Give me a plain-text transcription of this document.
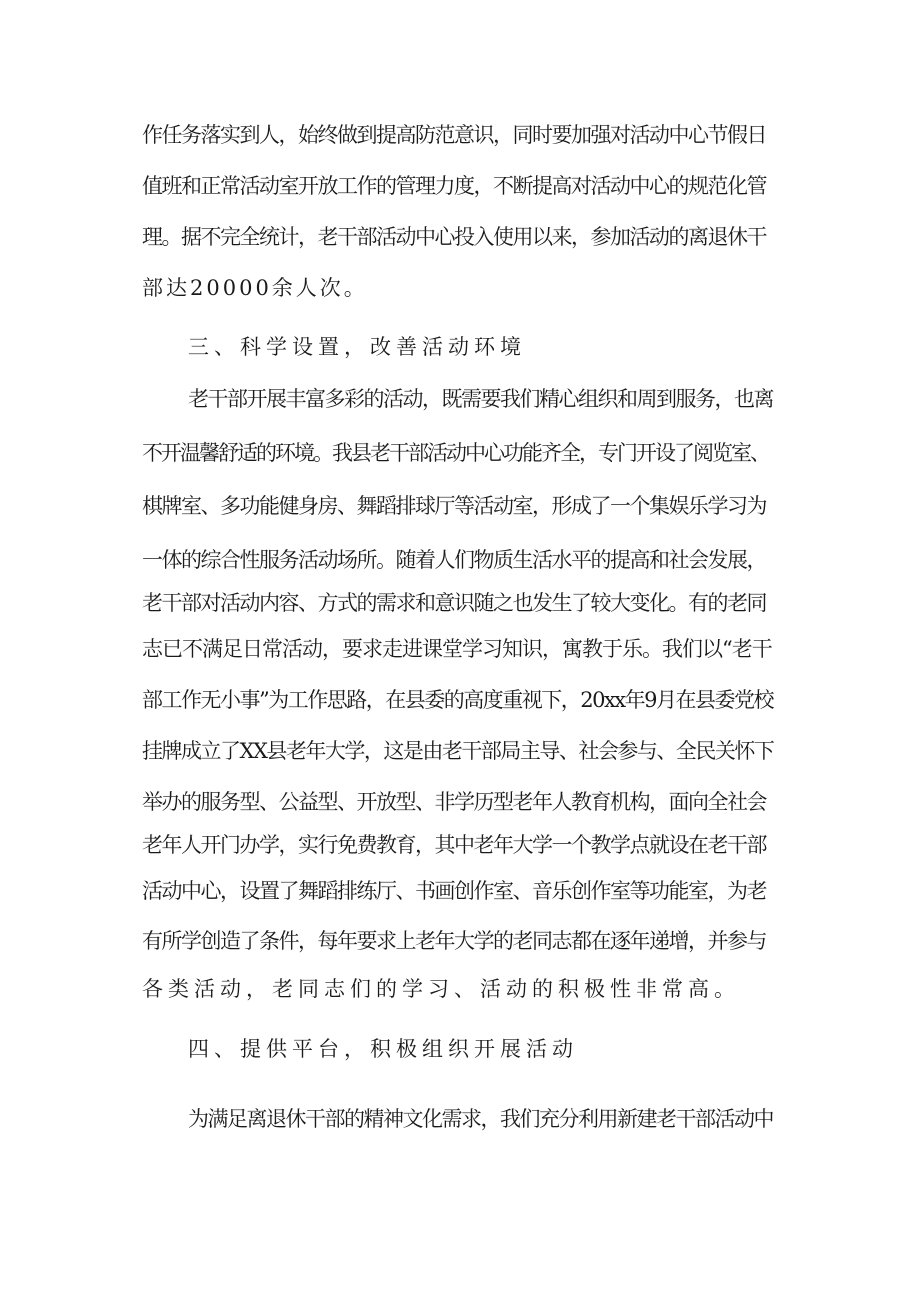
作任务落实到人，始终做到提高防范意识，同时要加强对活动中心节假日
值班和正常活动室开放工作的管理力度，不断提高对活动中心的规范化管
理。据不完全统计，老干部活动中心投入使用以来，参加活动的离退休干
部达20000余人次。
三、科学设置，改善活动环境
老干部开展丰富多彩的活动，既需要我们精心组织和周到服务，也离
不开温馨舒适的环境。我县老干部活动中心功能齐全，专门开设了阅览室、
棋牌室、多功能健身房、舞蹈排球厅等活动室，形成了一个集娱乐学习为
一体的综合性服务活动场所。随着人们物质生活水平的提高和社会发展，
老干部对活动内容、方式的需求和意识随之也发生了较大变化。有的老同
志已不满足日常活动，要求走进课堂学习知识，寓教于乐。我们以“老干
部工作无小事”为工作思路，在县委的高度重视下，20xx年9月在县委党校
挂牌成立了XX县老年大学，这是由老干部局主导、社会参与、全民关怀下
举办的服务型、公益型、开放型、非学历型老年人教育机构，面向全社会
老年人开门办学，实行免费教育，其中老年大学一个教学点就设在老干部
活动中心，设置了舞蹈排练厅、书画创作室、音乐创作室等功能室，为老
有所学创造了条件，每年要求上老年大学的老同志都在逐年递增，并参与
各类活动，老同志们的学习、活动的积极性非常高。
四、提供平台，积极组织开展活动
为满足离退休干部的精神文化需求，我们充分利用新建老干部活动中
